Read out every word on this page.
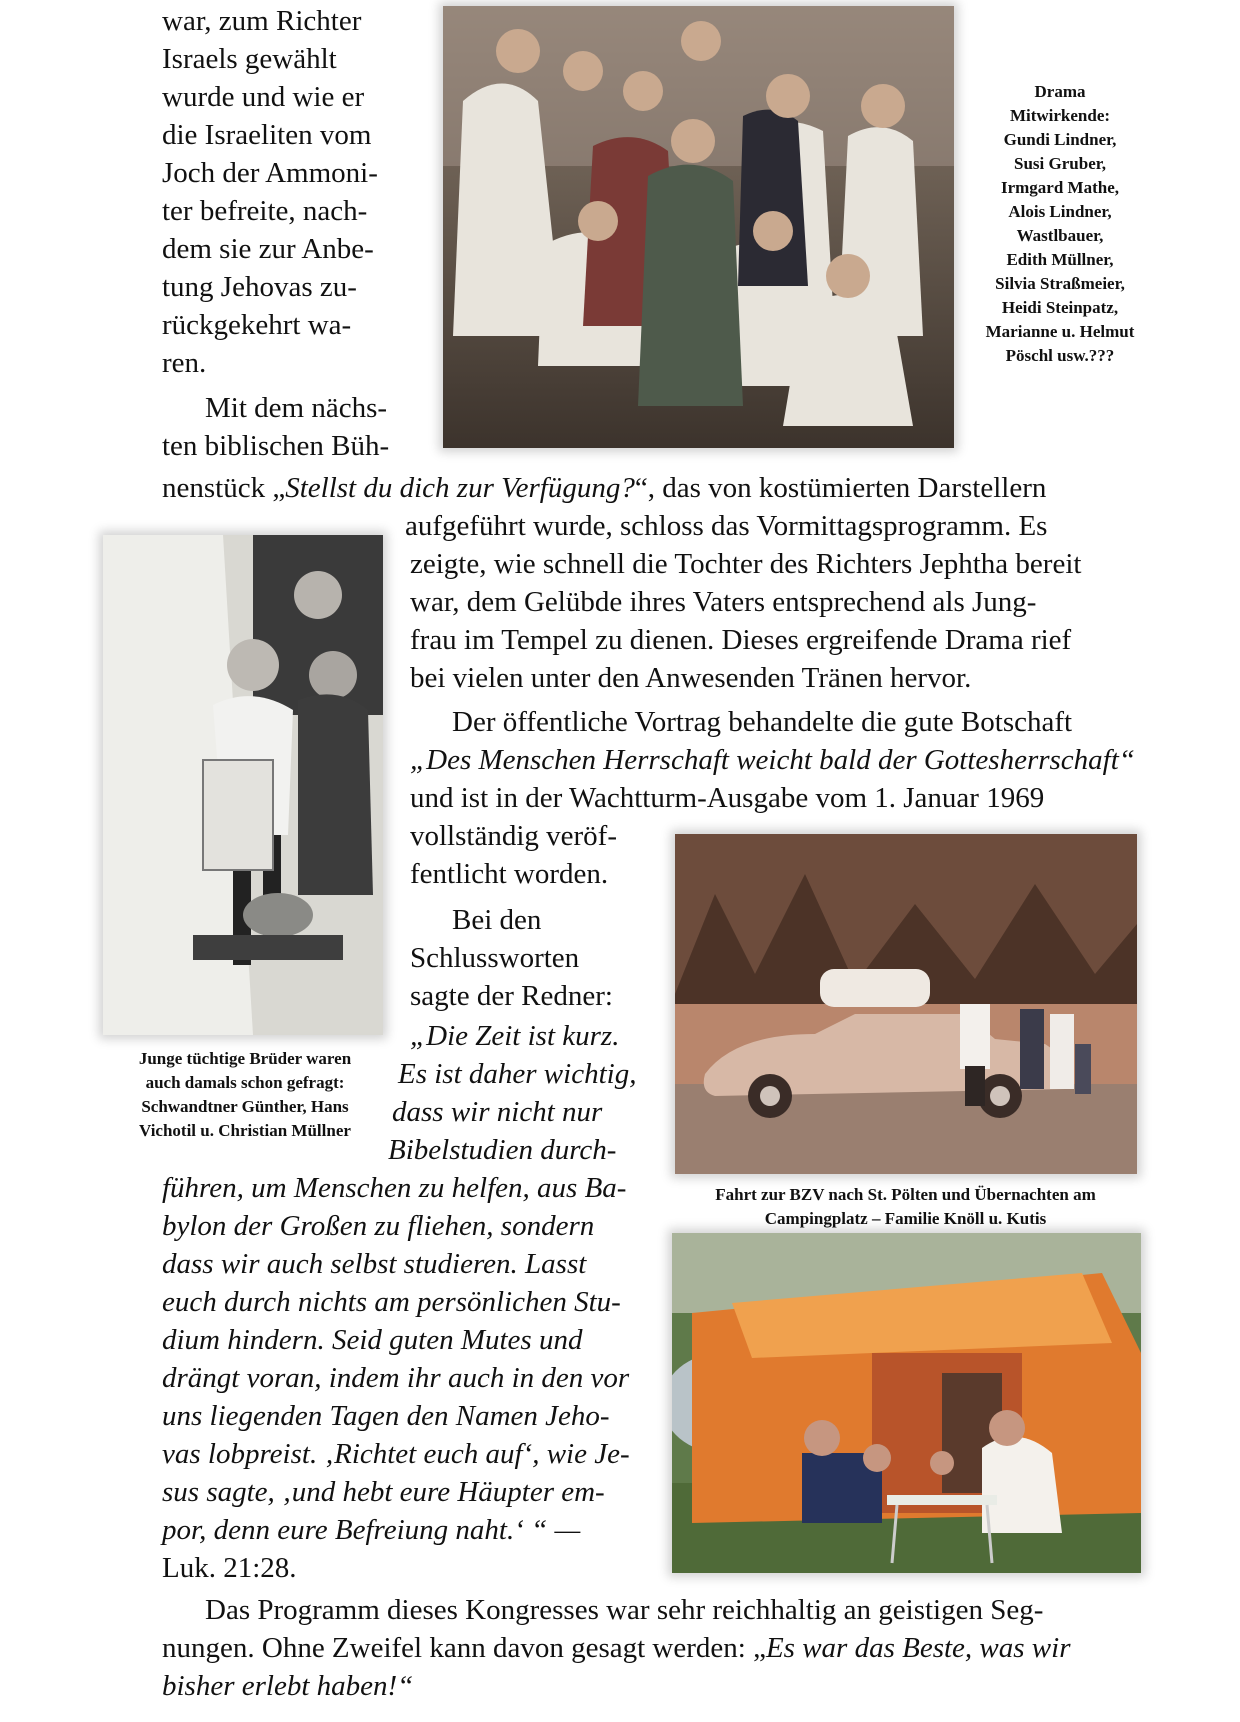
war, zum Richter
Israels gewählt
wurde und wie er
die Israeliten vom
Joch der Ammoni-
ter befreite, nach-
dem sie zur Anbe-
tung Jehovas zu-
rückgekehrt wa-
ren.
Mit dem nächs-
ten biblischen Büh-
Drama
Mitwirkende:
Gundi Lindner,
Susi Gruber,
Irmgard Mathe,
Alois Lindner,
Wastlbauer,
Edith Müllner,
Silvia Straßmeier,
Heidi Steinpatz,
Marianne u. Helmut
Pöschl usw.???
nenstück „Stellst du dich zur Verfügung?“, das von kostümierten Darstellern
Junge tüchtige Brüder waren
auch damals schon gefragt:
Schwandtner Günther, Hans
Vichotil u. Christian Müllner
aufgeführt wurde, schloss das Vormittagsprogramm. Es
zeigte, wie schnell die Tochter des Richters Jephtha bereit
war, dem Gelübde ihres Vaters entsprechend als Jung-
frau im Tempel zu dienen. Dieses ergreifende Drama rief
bei vielen unter den Anwesenden Tränen hervor.
Der öffentliche Vortrag behandelte die gute Botschaft
„Des Menschen Herrschaft weicht bald der Gottesherrschaft“
und ist in der Wachtturm-Ausgabe vom 1. Januar 1969
vollständig veröf-
fentlicht worden.
Bei den
Schlussworten
sagte der Redner:
Fahrt zur BZV nach St. Pölten und Übernachten am
Campingplatz – Familie Knöll u. Kutis
„Die Zeit ist kurz.
Es ist daher wichtig,
dass wir nicht nur
Bibelstudien durch-
führen, um Menschen zu helfen, aus Ba-
bylon der Großen zu fliehen, sondern
dass wir auch selbst studieren. Lasst
euch durch nichts am persönlichen Stu-
dium hindern. Seid guten Mutes und
drängt voran, indem ihr auch in den vor
uns liegenden Tagen den Namen Jeho-
vas lobpreist. ‚Richtet euch auf‘, wie Je-
sus sagte, ‚und hebt eure Häupter em-
por, denn eure Befreiung naht.‘ “ —
Luk. 21:28.
Das Programm dieses Kongresses war sehr reichhaltig an geistigen Seg-
nungen. Ohne Zweifel kann davon gesagt werden: „Es war das Beste, was wir
bisher erlebt haben!“
